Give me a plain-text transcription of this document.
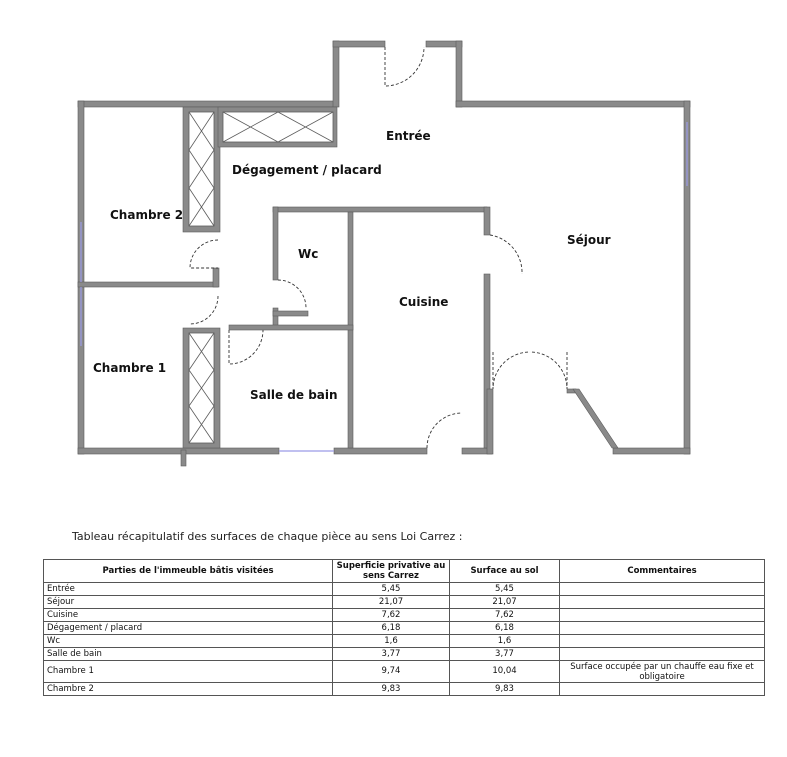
Entrée
Dégagement / placard
Chambre 2
Wc
Séjour
Cuisine
Chambre 1
Salle de bain
Tableau récapitulatif des surfaces de chaque pièce au sens Loi Carrez :
Parties de l'immeuble bâtis visitées	Superficie privative au sens Carrez	Surface au sol	Commentaires
Entrée	5,45	5,45	
Séjour	21,07	21,07	
Cuisine	7,62	7,62	
Dégagement / placard	6,18	6,18	
Wc	1,6	1,6	
Salle de bain	3,77	3,77	
Chambre 1	9,74	10,04	Surface occupée par un chauffe eau fixe et obligatoire
Chambre 2	9,83	9,83	
